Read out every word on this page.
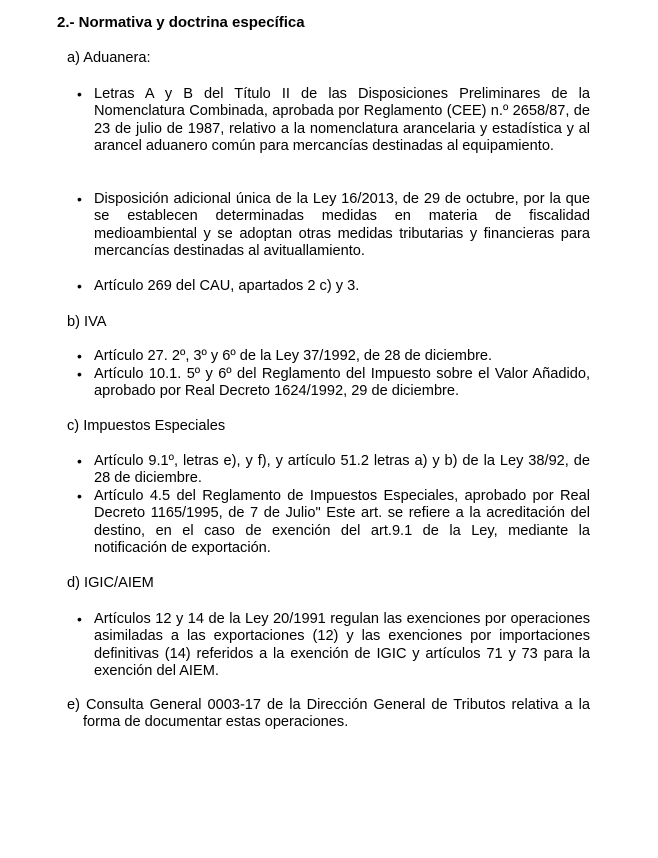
2.- Normativa y doctrina específica
a) Aduanera:
• Letras A y B del Título II de las Disposiciones Preliminares de la Nomenclatura Combinada, aprobada por Reglamento (CEE) n.º 2658/87, de 23 de julio de 1987, relativo a la nomenclatura arancelaria y estadística y al arancel aduanero común para mercancías destinadas al equipamiento.
• Disposición adicional única de la Ley 16/2013, de 29 de octubre, por la que se establecen determinadas medidas en materia de fiscalidad medioambiental y se adoptan otras medidas tributarias y financieras para mercancías destinadas al avituallamiento.
• Artículo 269 del CAU, apartados 2 c) y 3.
b) IVA
• Artículo 27. 2º, 3º y 6º de la Ley 37/1992, de 28 de diciembre.
• Artículo 10.1. 5º y 6º del Reglamento del Impuesto sobre el Valor Añadido, aprobado por Real Decreto 1624/1992, 29 de diciembre.
c) Impuestos Especiales
• Artículo 9.1º, letras e), y f), y artículo 51.2 letras a) y b) de la Ley 38/92, de 28 de diciembre.
• Artículo 4.5 del Reglamento de Impuestos Especiales, aprobado por Real Decreto 1165/1995, de 7 de Julio" Este art. se refiere a la acreditación del destino, en el caso de exención del art.9.1 de la Ley, mediante la notificación de exportación.
d) IGIC/AIEM
• Artículos 12 y 14 de la Ley 20/1991 regulan las exenciones por operaciones asimiladas a las exportaciones (12) y las exenciones por importaciones definitivas (14) referidos a la exención de IGIC y artículos 71 y 73 para la exención del AIEM.
e) Consulta General 0003-17 de la Dirección General de Tributos relativa a la forma de documentar estas operaciones.
